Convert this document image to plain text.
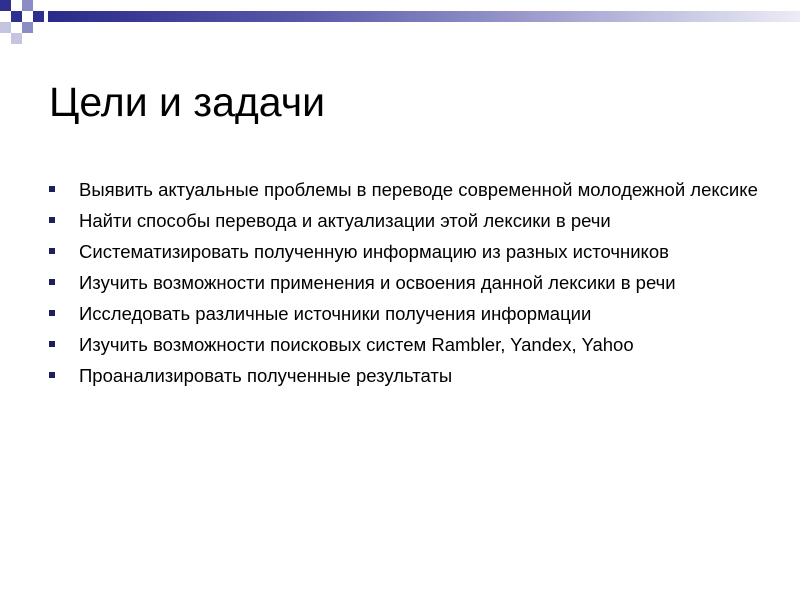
Цели и задачи
Выявить актуальные проблемы в переводе современной молодежной лексике
Найти способы перевода и актуализации этой лексики в речи
Систематизировать полученную информацию из разных источников
Изучить возможности применения и освоения данной лексики в речи
Исследовать различные источники получения информации
Изучить возможности поисковых систем Rambler, Yandex, Yahoo
Проанализировать полученные результаты
